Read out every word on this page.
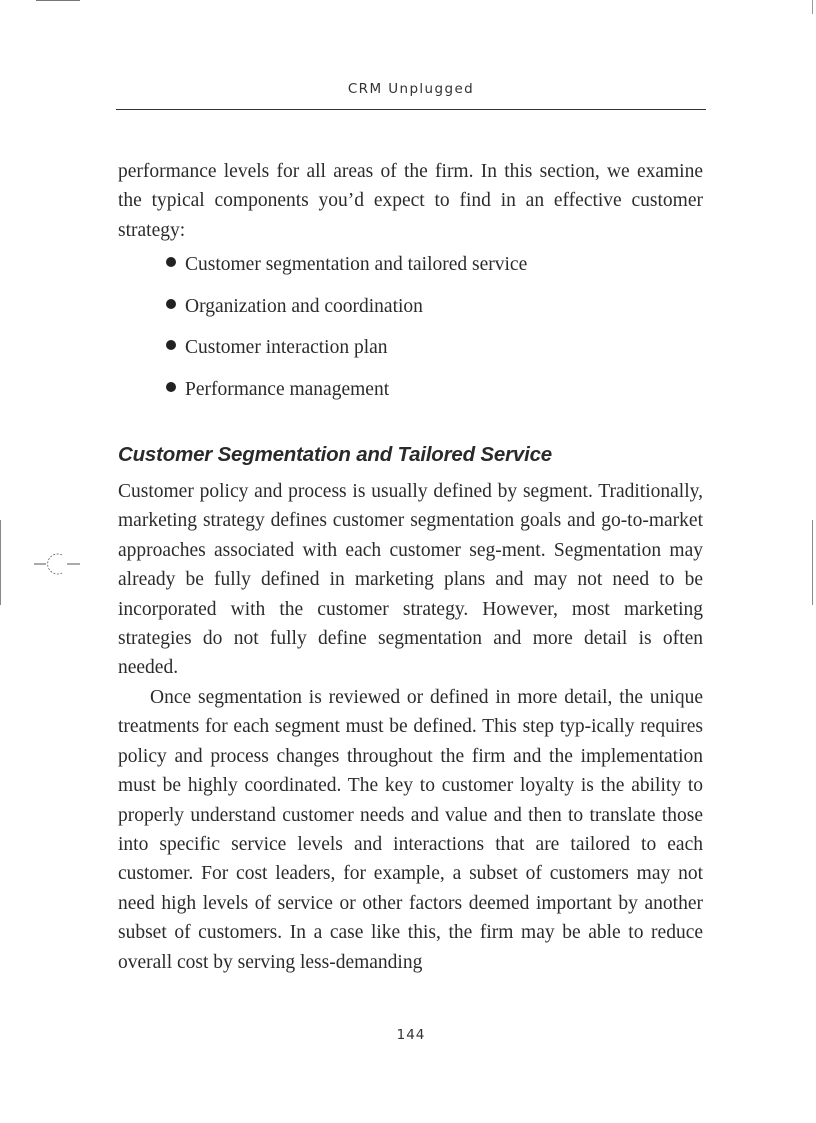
CRM Unplugged

performance levels for all areas of the firm. In this section, we examine the typical components you’d expect to find in an effective customer strategy:

Customer segmentation and tailored service
Organization and coordination
Customer interaction plan
Performance management
Customer Segmentation and Tailored Service

Customer policy and process is usually defined by segment. Traditionally, marketing strategy defines customer segmentation goals and go-to-market approaches associated with each customer seg-ment. Segmentation may already be fully defined in marketing plans and may not need to be incorporated with the customer strategy. However, most marketing strategies do not fully define segmentation and more detail is often needed.

Once segmentation is reviewed or defined in more detail, the unique treatments for each segment must be defined. This step typ-ically requires policy and process changes throughout the firm and the implementation must be highly coordinated. The key to customer loyalty is the ability to properly understand customer needs and value and then to translate those into specific service levels and interactions that are tailored to each customer. For cost leaders, for example, a subset of customers may not need high levels of service or other factors deemed important by another subset of customers. In a case like this, the firm may be able to reduce overall cost by serving less-demanding

144
